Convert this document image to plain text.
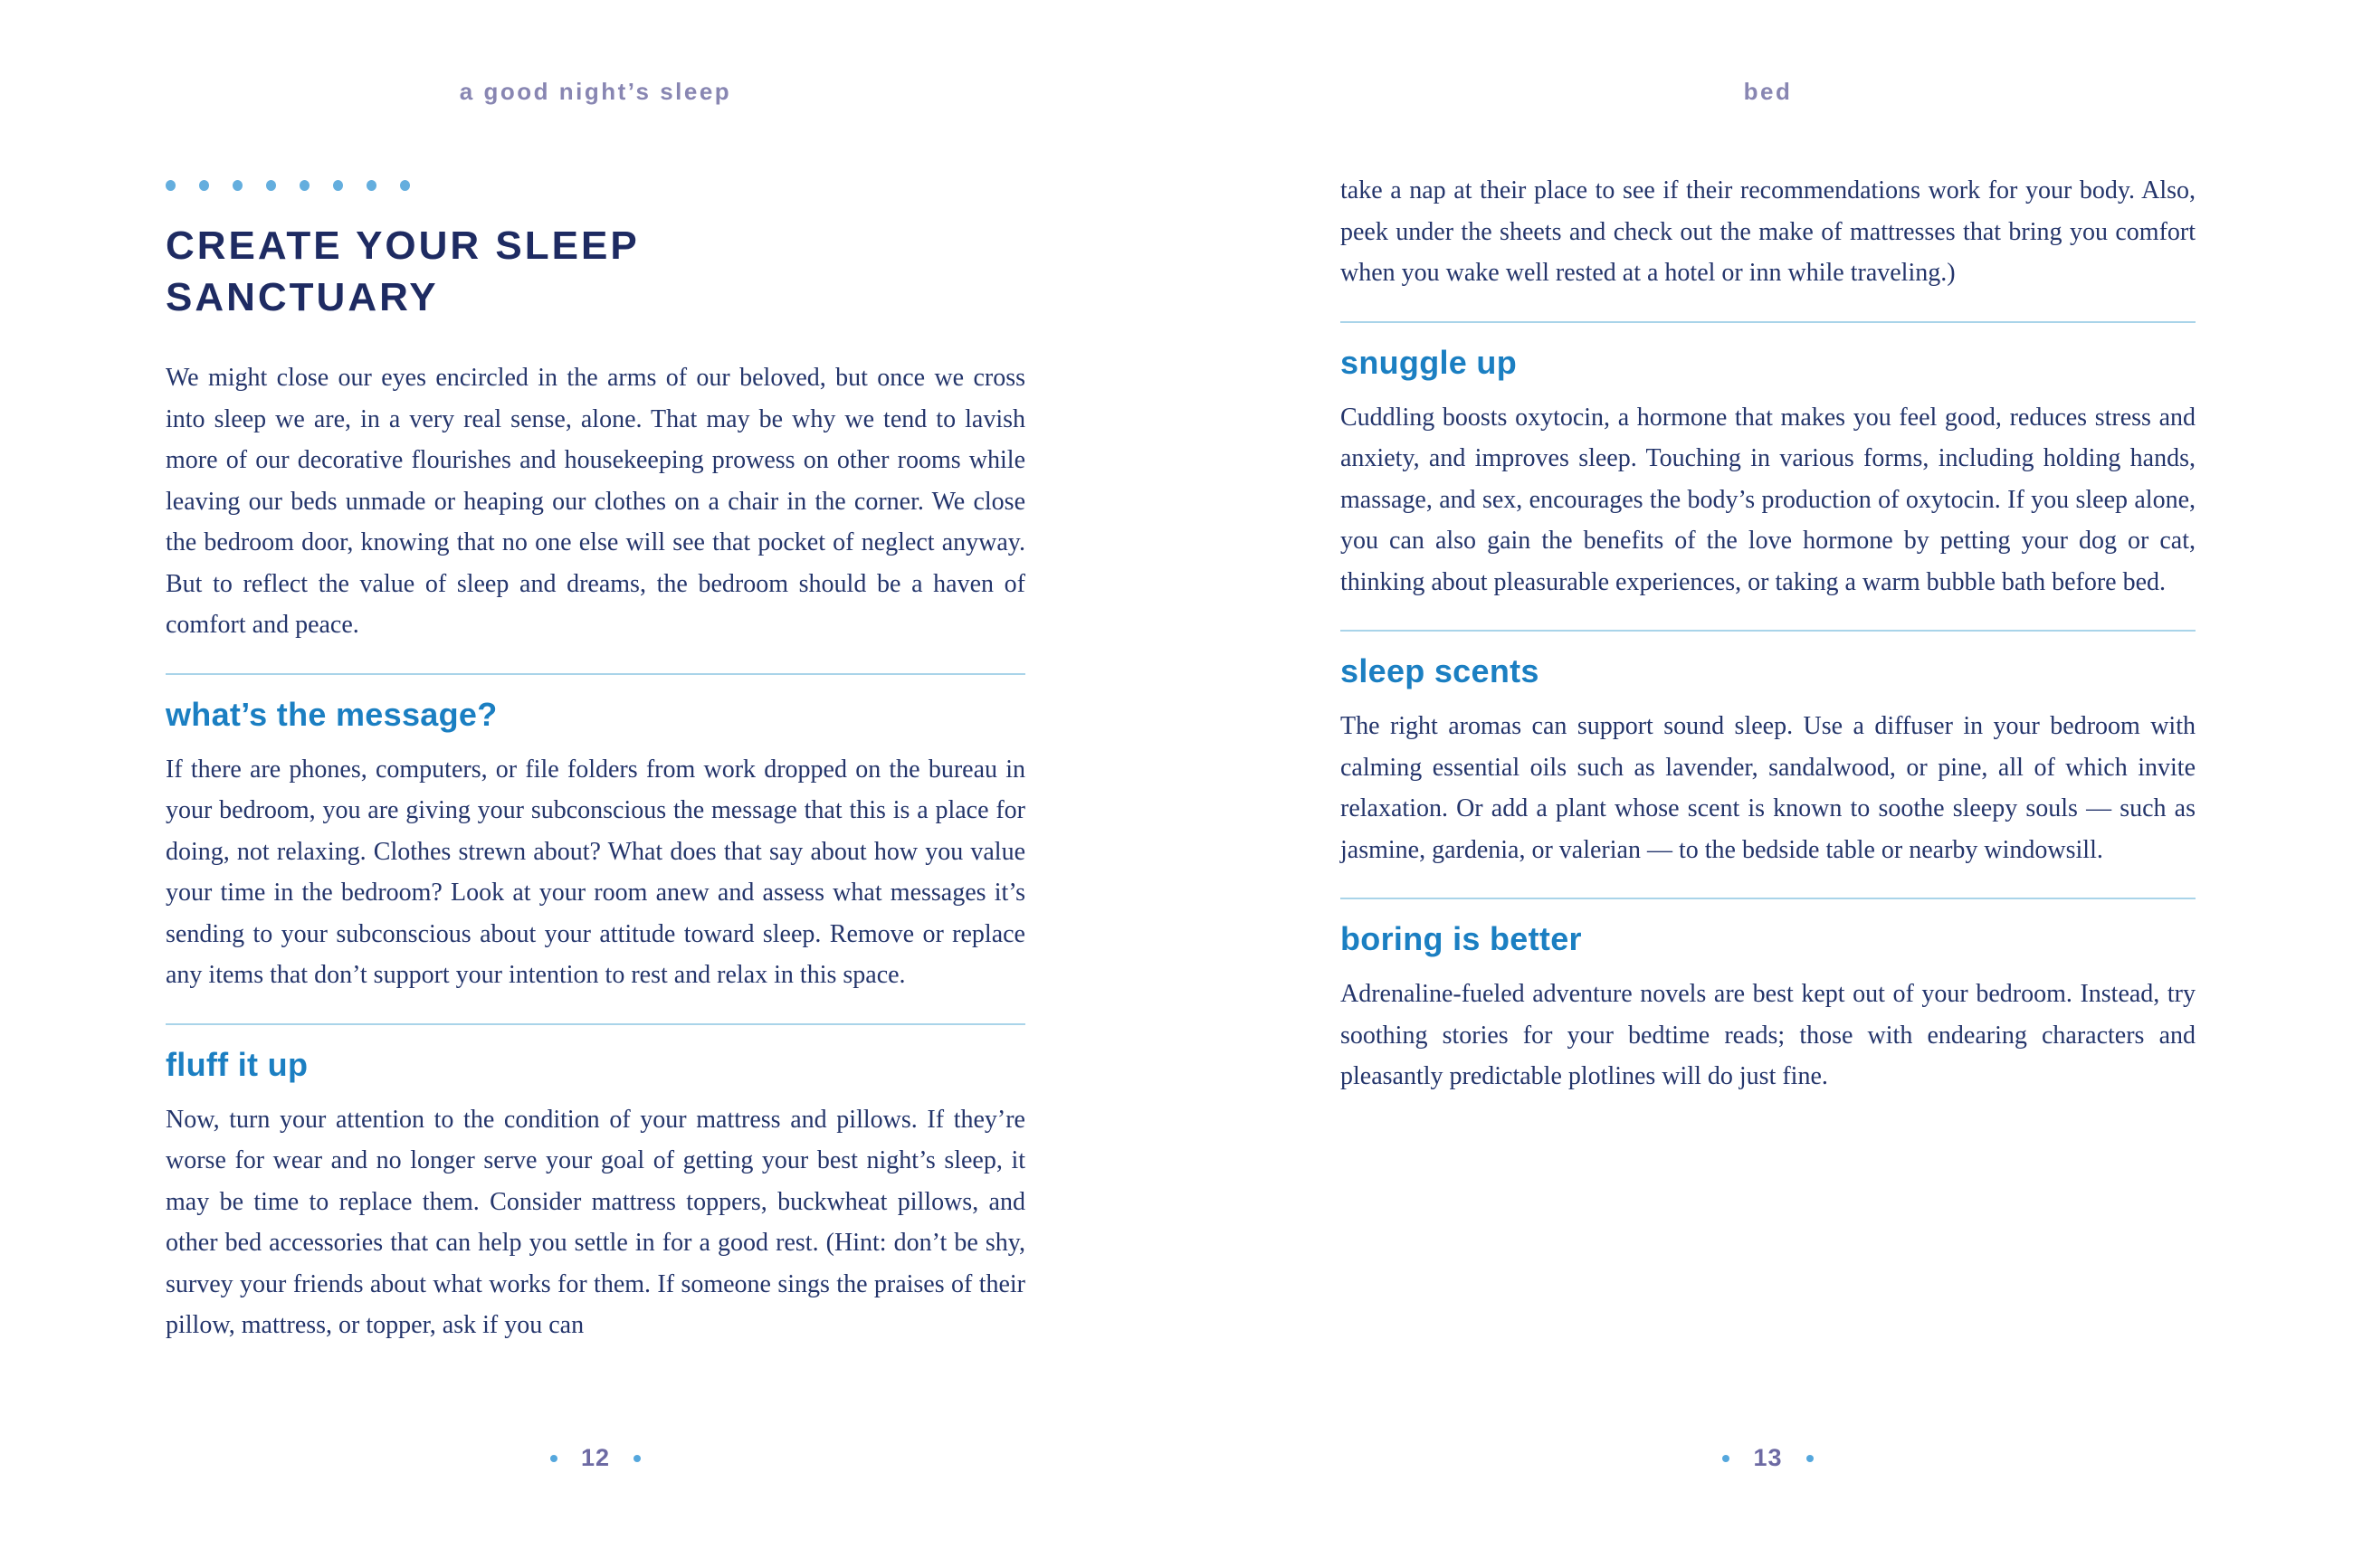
a good night’s sleep
CREATE YOUR SLEEP SANCTUARY

We might close our eyes encircled in the arms of our beloved, but once we cross into sleep we are, in a very real sense, alone. That may be why we tend to lavish more of our decorative flourishes and housekeeping prowess on other rooms while leaving our beds unmade or heaping our clothes on a chair in the corner. We close the bedroom door, knowing that no one else will see that pocket of neglect anyway. But to reflect the value of sleep and dreams, the bedroom should be a haven of comfort and peace.

what’s the message?

If there are phones, computers, or file folders from work dropped on the bureau in your bedroom, you are giving your subconscious the message that this is a place for doing, not relaxing. Clothes strewn about? What does that say about how you value your time in the bedroom? Look at your room anew and assess what messages it’s sending to your subconscious about your attitude toward sleep. Remove or replace any items that don’t support your intention to rest and relax in this space.

fluff it up

Now, turn your attention to the condition of your mattress and pillows. If they’re worse for wear and no longer serve your goal of getting your best night’s sleep, it may be time to replace them. Consider mattress toppers, buckwheat pillows, and other bed accessories that can help you settle in for a good rest. (Hint: don’t be shy, survey your friends about what works for them. If someone sings the praises of their pillow, mattress, or topper, ask if you can

12
bed

take a nap at their place to see if their recommendations work for your body. Also, peek under the sheets and check out the make of mattresses that bring you comfort when you wake well rested at a hotel or inn while traveling.)

snuggle up

Cuddling boosts oxytocin, a hormone that makes you feel good, reduces stress and anxiety, and improves sleep. Touching in various forms, including holding hands, massage, and sex, encourages the body’s production of oxytocin. If you sleep alone, you can also gain the benefits of the love hormone by petting your dog or cat, thinking about pleasurable experiences, or taking a warm bubble bath before bed.

sleep scents

The right aromas can support sound sleep. Use a diffuser in your bedroom with calming essential oils such as lavender, sandalwood, or pine, all of which invite relaxation. Or add a plant whose scent is known to soothe sleepy souls — such as jasmine, gardenia, or valerian — to the bedside table or nearby windowsill.

boring is better

Adrenaline-fueled adventure novels are best kept out of your bedroom. Instead, try soothing stories for your bedtime reads; those with endearing characters and pleasantly predictable plotlines will do just fine.

13
